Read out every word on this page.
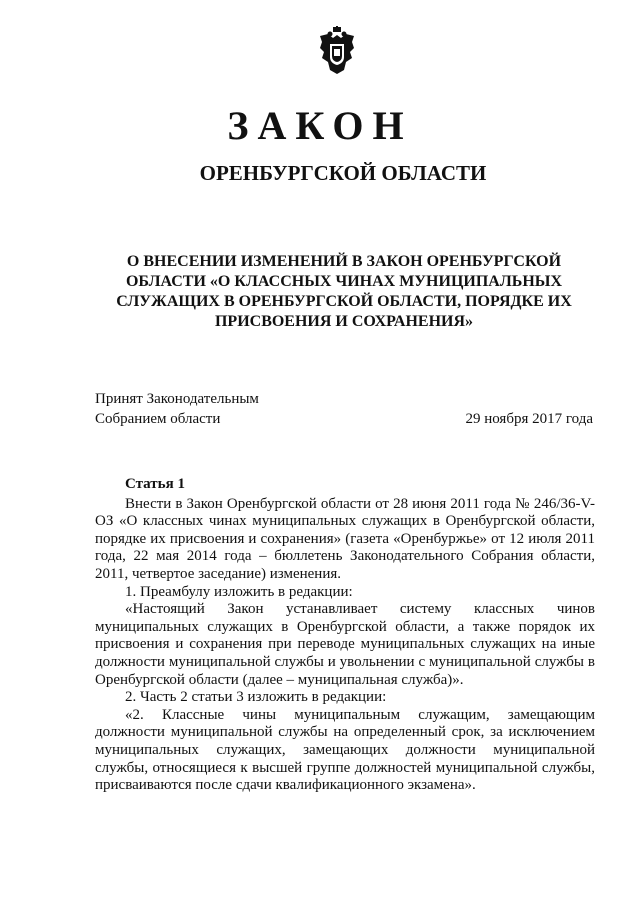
ЗАКОН
ОРЕНБУРГСКОЙ ОБЛАСТИ
О ВНЕСЕНИИ ИЗМЕНЕНИЙ В ЗАКОН ОРЕНБУРГСКОЙ ОБЛАСТИ «О КЛАССНЫХ ЧИНАХ МУНИЦИПАЛЬНЫХ СЛУЖАЩИХ В ОРЕНБУРГСКОЙ ОБЛАСТИ, ПОРЯДКЕ ИХ ПРИСВОЕНИЯ И СОХРАНЕНИЯ»
Принят Законодательным
Собранием области	29 ноября 2017 года

Статья 1

Внести в Закон Оренбургской области от 28 июня 2011 года № 246/36-V-ОЗ «О классных чинах муниципальных служащих в Оренбургской области, порядке их присвоения и сохранения» (газета «Оренбуржье» от 12 июля 2011 года, 22 мая 2014 года – бюллетень Законодательного Собрания области, 2011, четвертое заседание) изменения.

1. Преамбулу изложить в редакции:

«Настоящий Закон устанавливает систему классных чинов муниципальных служащих в Оренбургской области, а также порядок их присвоения и сохранения при переводе муниципальных служащих на иные должности муниципальной службы и увольнении с муниципальной службы в Оренбургской области (далее – муниципальная служба)».

2. Часть 2 статьи 3 изложить в редакции:

«2. Классные чины муниципальным служащим, замещающим должности муниципальной службы на определенный срок, за исключением муниципальных служащих, замещающих должности муниципальной службы, относящиеся к высшей группе должностей муниципальной службы, присваиваются после сдачи квалификационного экзамена».
